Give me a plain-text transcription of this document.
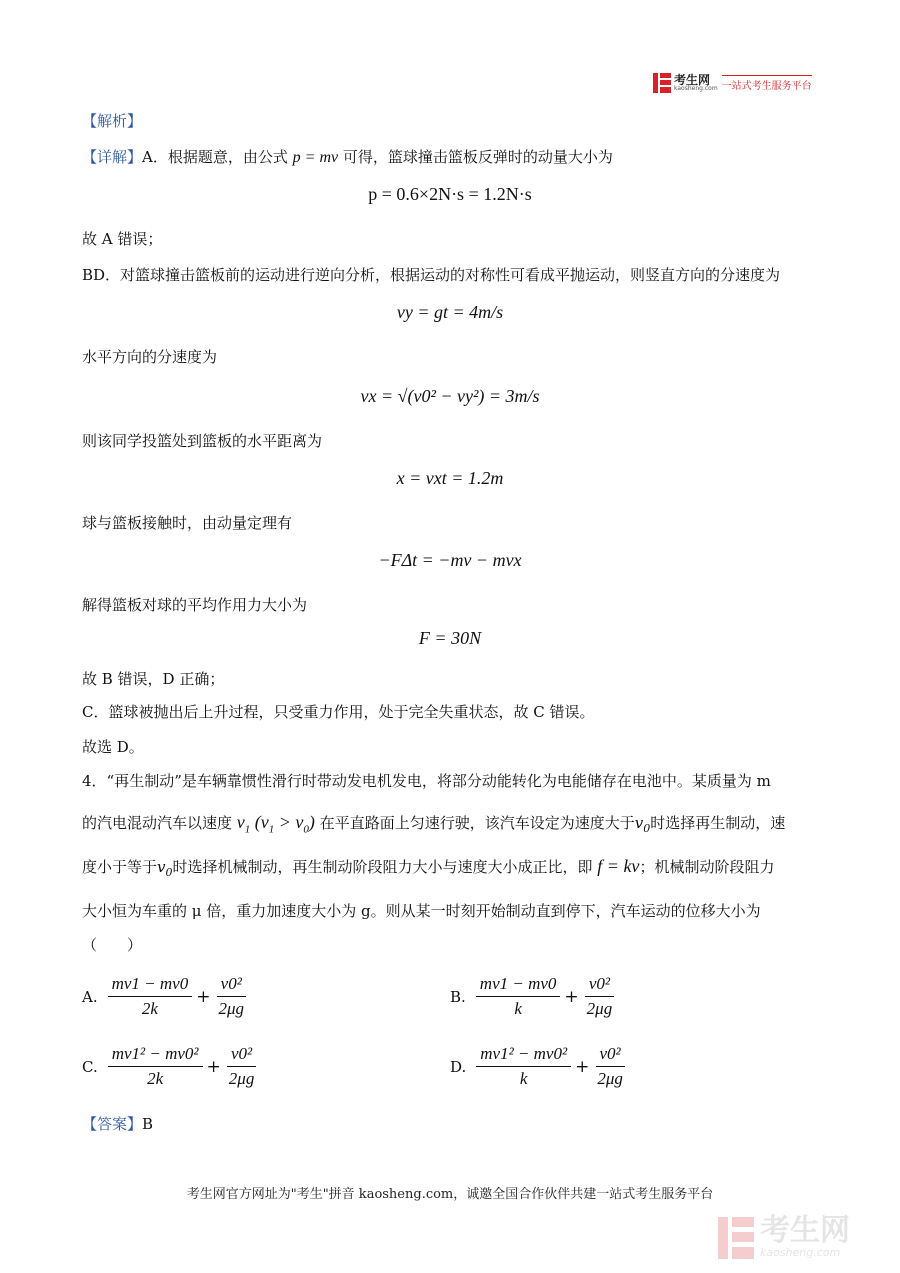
考生网
kaosheng.com 一站式考生服务平台
【解析】
【详解】A．根据题意，由公式 p = mv 可得，篮球撞击篮板反弹时的动量大小为
p = 0.6×2N·s = 1.2N·s
故 A 错误；
BD．对篮球撞击篮板前的运动进行逆向分析，根据运动的对称性可看成平抛运动，则竖直方向的分速度为
vy = gt = 4m/s
水平方向的分速度为
vx = √(v0² − vy²) = 3m/s
则该同学投篮处到篮板的水平距离为
x = vxt = 1.2m
球与篮板接触时，由动量定理有
−FΔt = −mv − mvx
解得篮板对球的平均作用力大小为
F = 30N
故 B 错误，D 正确；
C．篮球被抛出后上升过程，只受重力作用，处于完全失重状态，故 C 错误。
故选 D。
4．“再生制动”是车辆靠惯性滑行时带动发电机发电，将部分动能转化为电能储存在电池中。某质量为 m
的汽电混动汽车以速度 $v_1$ $(v_1 > v_0)$ 在平直路面上匀速行驶，该汽车设定为速度大于$v_0$时选择再生制动，速
度小于等于$v_0$时选择机械制动，再生制动阶段阻力大小与速度大小成正比，即 f = kv；机械制动阶段阻力
大小恒为车重的 μ 倍，重力加速度大小为 g。则从某一时刻开始制动直到停下，汽车运动的位移大小为
（　　）
A. $\frac{mv1 - mv0}{2k} + \frac{\text{v0²}}{2\mu g}$	B. $\frac{mv1 - mv0}{k} + \frac{\text{v0²}}{2\mu g}$
C. $\frac{\text{mv1² − mv0²}}{2k} + \frac{\text{v0²}}{2\mu g}$	D. $\frac{\text{mv1² − mv0²}}{k} + \frac{\text{v0²}}{2\mu g}$
【答案】B
考生网官方网址为"考生"拼音 kaosheng.com，诚邀全国合作伙伴共建一站式考生服务平台
考生网
kaosheng.com
